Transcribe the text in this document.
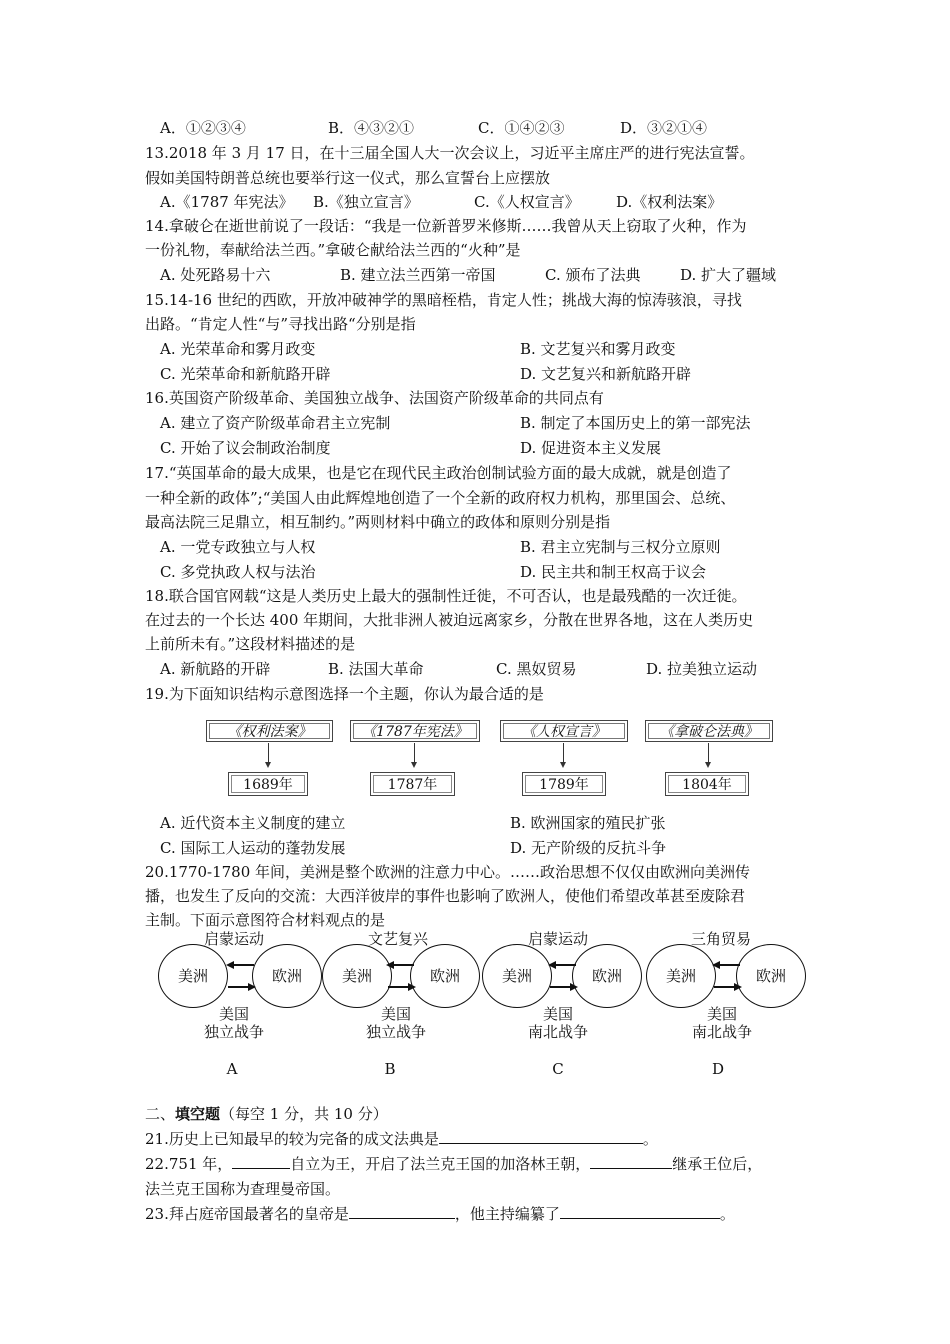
A．①②③④	B．④③②①	C．①④②③	D．③②①④
13.2018 年 3 月 17 日，在十三届全国人大一次会议上，习近平主席庄严的进行宪法宣誓。
假如美国特朗普总统也要举行这一仪式，那么宣誓台上应摆放
A.《1787 年宪法》 B.《独立宣言》	C.《人权宣言》 D.《权利法案》
14.拿破仑在逝世前说了一段话：“我是一位新普罗米修斯……我曾从天上窃取了火种，作为
一份礼物，奉献给法兰西。”拿破仑献给法兰西的“火种”是
A. 处死路易十六	B. 建立法兰西第一帝国	C. 颁布了法典	D. 扩大了疆域
15.14-16 世纪的西欧，开放冲破神学的黑暗桎梏，肯定人性；挑战大海的惊涛骇浪，寻找
出路。“肯定人性“与”寻找出路“分别是指
A. 光荣革命和雾月政变	B. 文艺复兴和雾月政变
C. 光荣革命和新航路开辟	D. 文艺复兴和新航路开辟
16.英国资产阶级革命、美国独立战争、法国资产阶级革命的共同点有
A. 建立了资产阶级革命君主立宪制	B. 制定了本国历史上的第一部宪法
C. 开始了议会制政治制度	D. 促进资本主义发展
17.“英国革命的最大成果，也是它在现代民主政治创制试验方面的最大成就，就是创造了
一种全新的政体”;“美国人由此辉煌地创造了一个全新的政府权力机构，那里国会、总统、
最高法院三足鼎立，相互制约。”两则材料中确立的政体和原则分别是指
A. 一党专政独立与人权	B. 君主立宪制与三权分立原则
C. 多党执政人权与法治	D. 民主共和制王权高于议会
18.联合国官网载“这是人类历史上最大的强制性迁徙，不可否认，也是最残酷的一次迁徙。
在过去的一个长达 400 年期间，大批非洲人被迫远离家乡，分散在世界各地，这在人类历史
上前所未有。”这段材料描述的是
A. 新航路的开辟	B. 法国大革命	C. 黑奴贸易	D. 拉美独立运动
19.为下面知识结构示意图选择一个主题，你认为最合适的是
《权利法案》	《1787年宪法》	《人权宣言》	《拿破仑法典》
1689年	1787年	1789年	1804年
A. 近代资本主义制度的建立	B. 欧洲国家的殖民扩张
C. 国际工人运动的蓬勃发展	D. 无产阶级的反抗斗争
20.1770-1780 年间，美洲是整个欧洲的注意力中心。……政治思想不仅仅由欧洲向美洲传
播，也发生了反向的交流：大西洋彼岸的事件也影响了欧洲人，使他们希望改革甚至废除君
主制。下面示意图符合材料观点的是
启蒙运动
美洲	欧洲
美国
独立战争
A
文艺复兴
美洲	欧洲
美国
独立战争
B
启蒙运动
美洲	欧洲
美国
南北战争
C
三角贸易
美洲	欧洲
美国
南北战争
D
二、填空题（每空 1 分，共 10 分）
21.历史上已知最早的较为完备的成文法典是	。
22.751 年，	自立为王，开启了法兰克王国的加洛林王朝，	继承王位后，
法兰克王国称为查理曼帝国。
23.拜占庭帝国最著名的皇帝是	，他主持编纂了	。
